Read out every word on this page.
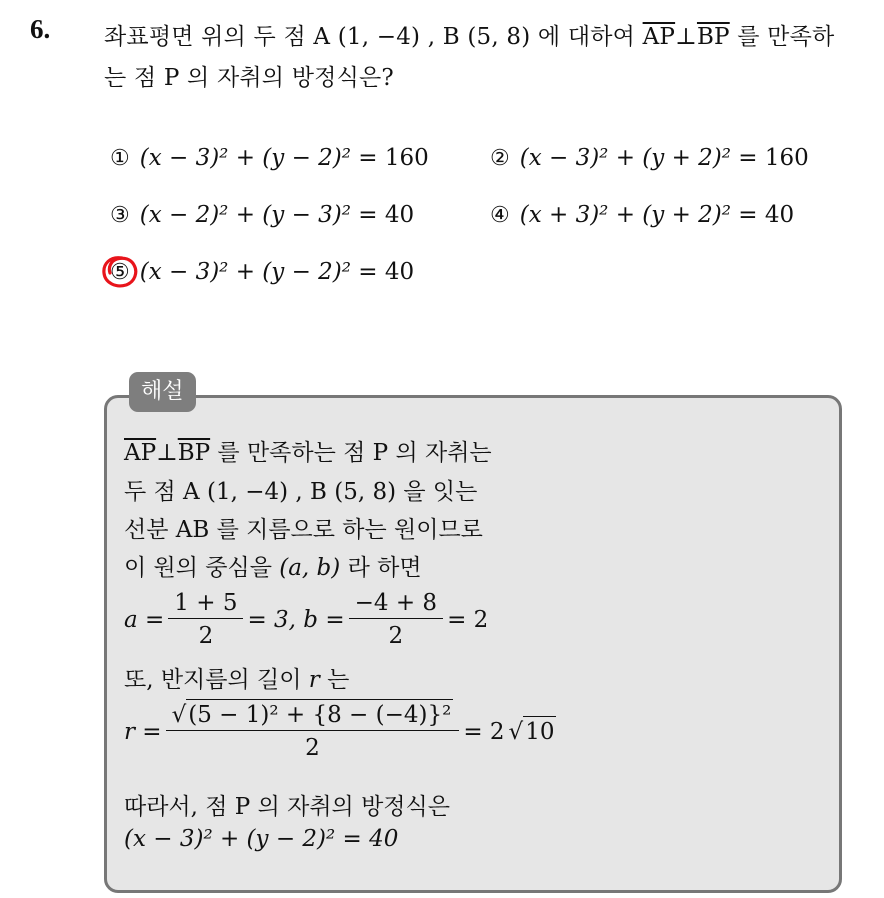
6. 좌표평면 위의 두 점 A (1, −4) , B (5, 8) 에 대하여 $\overline{AP}\perp\overline{BP}$ 를 만족하
는 점 P 의 자취의 방정식은?
① (x − 3)² + (y − 2)² = 160	② (x − 3)² + (y + 2)² = 160
③ (x − 2)² + (y − 3)² = 40	④ (x + 3)² + (y + 2)² = 40
⑤ (x − 3)² + (y − 2)² = 40
해설
$\overline{AP}\perp\overline{BP}$ 를 만족하는 점 P 의 자취는
두 점 A (1, −4) , B (5, 8) 을 잇는
선분 AB 를 지름으로 하는 원이므로
이 원의 중심을 (a, b) 라 하면
$a = \frac{1 + 5}{2} = 3$, $b = \frac{-4 + 8}{2} = 2$
또, 반지름의 길이 r 는
$r = \frac{\text{√(5 − 1)² + \{8 − (−4)\}²}}{2} = 2$ √ 10
따라서, 점 P 의 자취의 방정식은
(x − 3)² + (y − 2)² = 40
